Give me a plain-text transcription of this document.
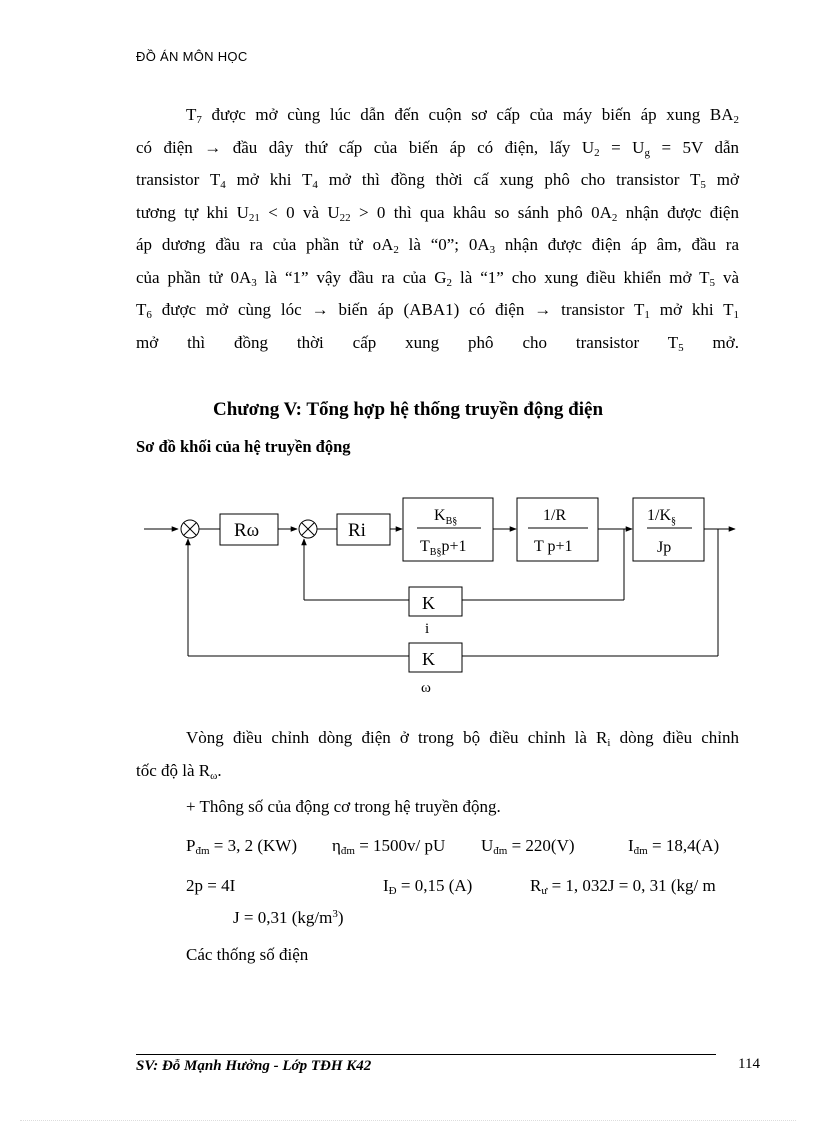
ĐỒ ÁN MÔN HỌC
$T_7$ được mở cùng lúc dẫn đến cuộn sơ cấp của máy biến áp xung $BA_2$
có điện → đầu dây thứ cấp của biến áp có điện, lấy $U_2 = U_g = 5V$ dẫn
transistor $T_4$ mở khi $T_4$ mở thì đồng thời cấ xung phô cho transistor $T_5$ mở
tương tự khi $U_{21} < 0$ và $U_{22} > 0$ thì qua khâu so sánh phô $0A_2$ nhận được điện
áp dương đầu ra của phần tử $oA_2$ là “0”; $0A_3$ nhận được điện áp âm, đầu ra
của phần tử $0A_3$ là “1” vậy đầu ra của $G_2$ là “1” cho xung điều khiển mở $T_5$ và
$T_6$ được mở cùng lóc → biến áp (ABA1) có điện → transistor $T_1$ mở khi $T_1$
mở thì đồng thời cấp xung phô cho transistor $T_5$ mở.
Chương V: Tổng hợp hệ thống truyền động điện
Sơ đồ khối của hệ truyền động
Rω	Ri
$K_{B\S}$
$T_{B\S}p+1$
1/R
T p+1
$1/K_\S$
Jp
K
i
K
ω
Vòng điều chỉnh dòng điện ở trong bộ điều chỉnh là $R_i$ dòng điều chỉnh
tốc độ là $R_\omega$.
+ Thông số của động cơ trong hệ truyền động.
$P_{đm} = 3$, 2 (KW) $\eta_{đm} = 1500v/$ pU $U_{đm} = 220(V)$	$I_{đm} = 18,4(A)$
2p = 4I	$I_Đ = 0,15$ (A)	$R_ư = 1$, 032J = 0, 31 (kg/ m
J = 0,31 $(kg/m^3)$
Các thống số điện
SV: Đỗ Mạnh Hưởng - Lớp TĐH K42	114
